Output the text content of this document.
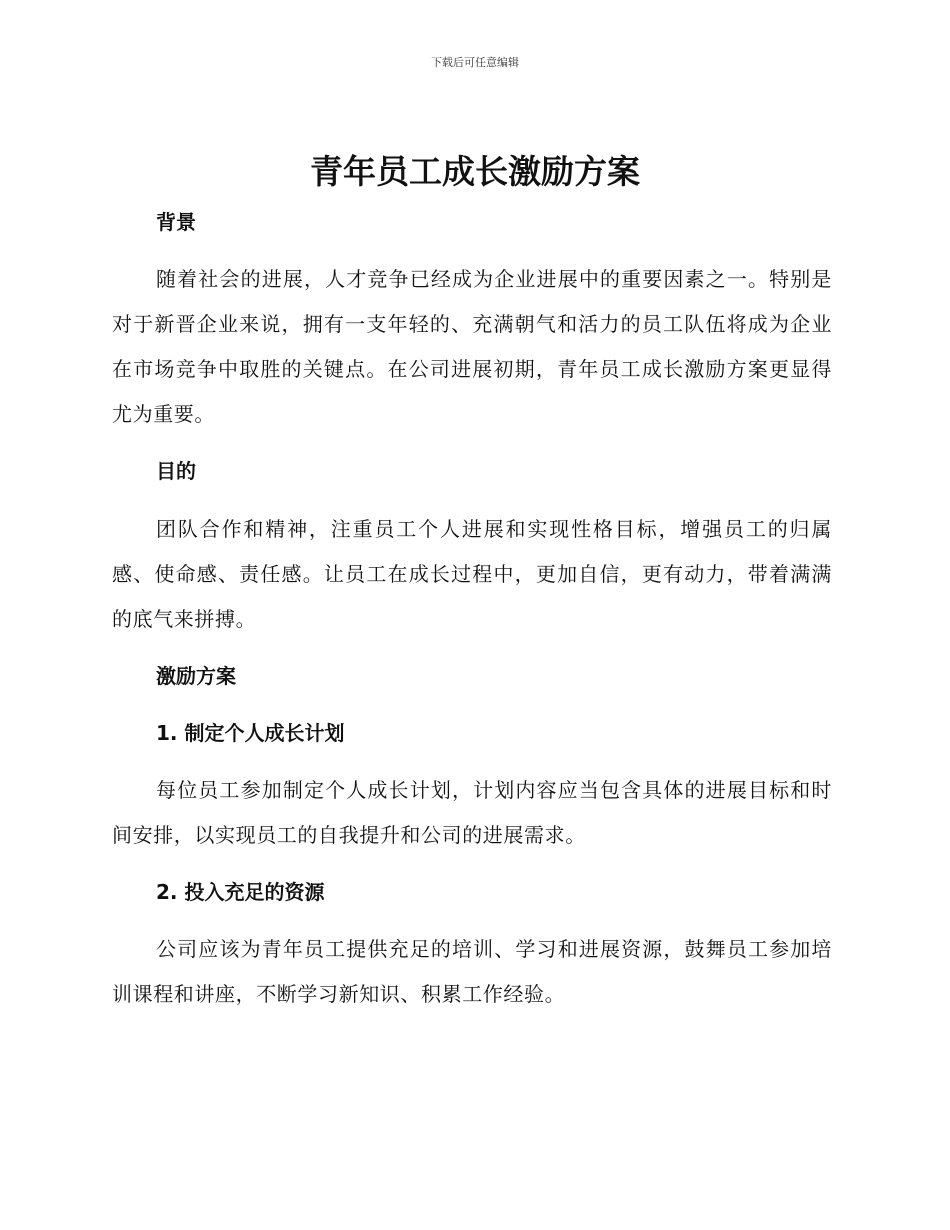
下载后可任意编辑
青年员工成长激励方案
背景

随着社会的进展，人才竞争已经成为企业进展中的重要因素之一。特别是对于新晋企业来说，拥有一支年轻的、充满朝气和活力的员工队伍将成为企业在市场竞争中取胜的关键点。在公司进展初期，青年员工成长激励方案更显得尤为重要。

目的

团队合作和精神，注重员工个人进展和实现性格目标，增强员工的归属感、使命感、责任感。让员工在成长过程中，更加自信，更有动力，带着满满的底气来拼搏。

激励方案
1. 制定个人成长计划

每位员工参加制定个人成长计划，计划内容应当包含具体的进展目标和时间安排，以实现员工的自我提升和公司的进展需求。

2. 投入充足的资源

公司应该为青年员工提供充足的培训、学习和进展资源，鼓舞员工参加培训课程和讲座，不断学习新知识、积累工作经验。
